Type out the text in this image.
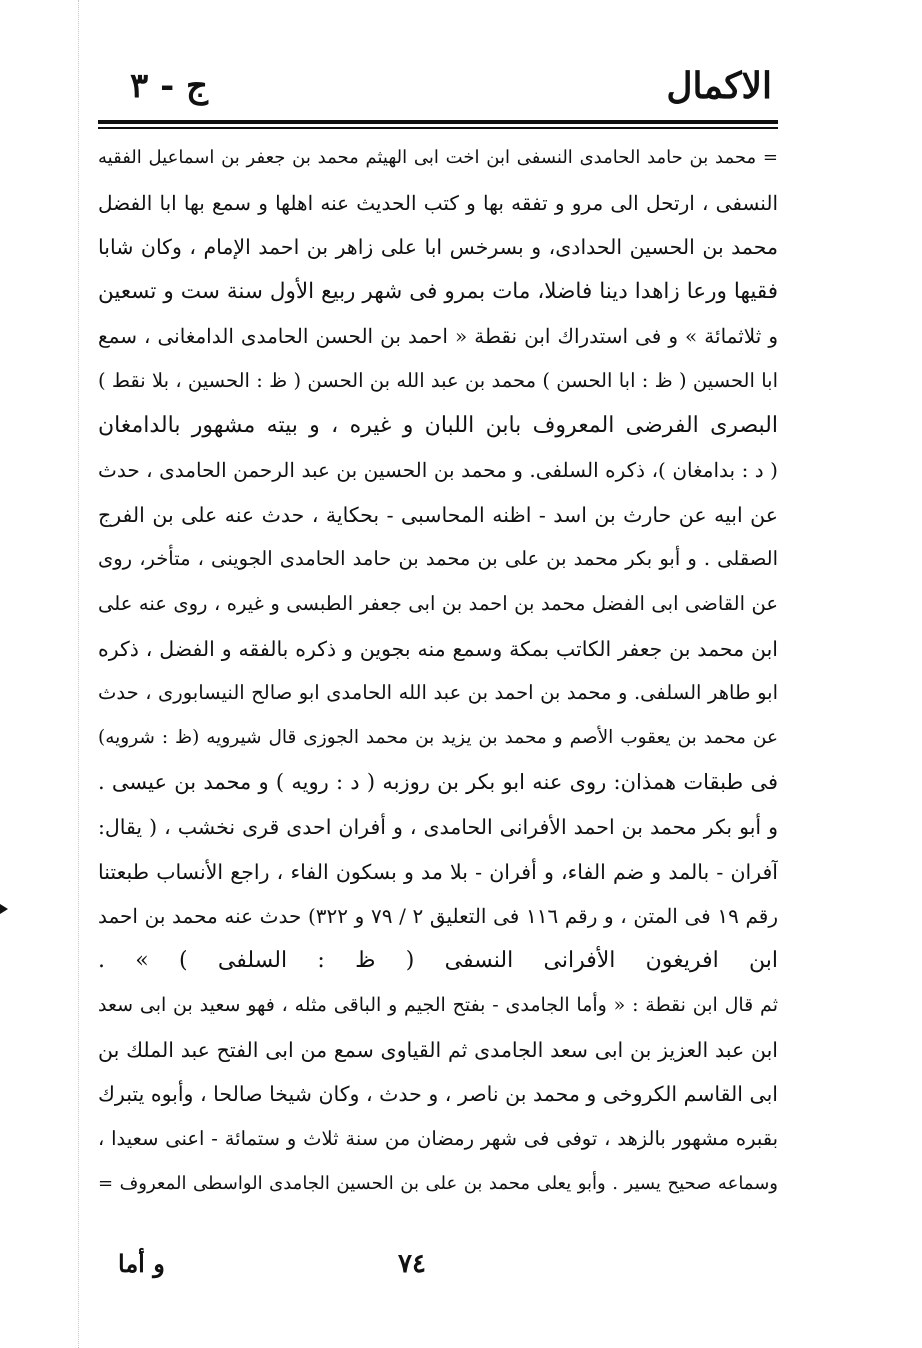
الاكمال
ج - ٣
= محمد بن حامد الحامدی النسفی ابن اخت ابی الهیثم محمد بن جعفر بن اسماعیل الفقیه
النسفی ، ارتحل الی مرو و تفقه بها و کتب الحدیث عنه اهلها و سمع بها ابا الفضل
محمد بن الحسین الحدادی، و بسرخس ابا علی زاهر بن احمد الإمام ، وکان شابا
فقیها ورعا زاهدا دینا فاضلا، مات بمرو فی شهر ربیع الأول سنة ست و تسعین
و ثلاثمائة » و فی استدراك ابن نقطة « احمد بن الحسن الحامدی الدامغانی ، سمع
ابا الحسین ( ظ : ابا الحسن ) محمد بن عبد الله بن الحسن ( ظ : الحسین ، بلا نقط )
البصری الفرضی المعروف بابن اللبان و غیره ، و بیته مشهور بالدامغان
( د : بدامغان )، ذکره السلفی. و محمد بن الحسین بن عبد الرحمن الحامدی ، حدث
عن ابیه عن حارث بن اسد - اظنه المحاسبی - بحکایة ، حدث عنه علی بن الفرج
الصقلی . و أبو بکر محمد بن علی بن محمد بن حامد الحامدی الجوینی ، متأخر، روی
عن القاضی ابی الفضل محمد بن احمد بن ابی جعفر الطبسی و غیره ، روی عنه علی
ابن محمد بن جعفر الکاتب بمکة وسمع منه بجوین و ذکره بالفقه و الفضل ، ذکره
ابو طاهر السلفی. و محمد بن احمد بن عبد الله الحامدی ابو صالح النیسابوری ، حدث
عن محمد بن یعقوب الأصم و محمد بن یزید بن محمد الجوزی قال شیرویه (ظ : شرویه)
فی طبقات همذان: روی عنه ابو بکر بن روزبه ( د : رویه ) و محمد بن عیسی .
و أبو بکر محمد بن احمد الأفرانی الحامدی ، و أفران احدی قری نخشب ، ( یقال:
آفران - بالمد و ضم الفاء، و أفران - بلا مد و بسکون الفاء ، راجع الأنساب طبعتنا
رقم ١٩ فی المتن ، و رقم ١١٦ فی التعلیق ٢ / ٧٩ و ٣٢٢) حدث عنه محمد بن احمد
ابن افریغون الأفرانی النسفی ( ظ : السلفی ) » .
ثم قال ابن نقطة : « وأما الجامدی - بفتح الجیم و الباقی مثله ، فهو سعید بن ابی سعد
ابن عبد العزیز بن ابی سعد الجامدی ثم القیاوی سمع من ابی الفتح عبد الملك بن
ابی القاسم الکروخی و محمد بن ناصر ، و حدث ، وکان شیخا صالحا ، وأبوه یتبرك
بقبره مشهور بالزهد ، توفی فی شهر رمضان من سنة ثلاث و ستمائة - اعنی سعیدا ،
وسماعه صحیح یسیر . وأبو یعلی محمد بن علی بن الحسین الجامدی الواسطی المعروف =
٧٤
و أما
